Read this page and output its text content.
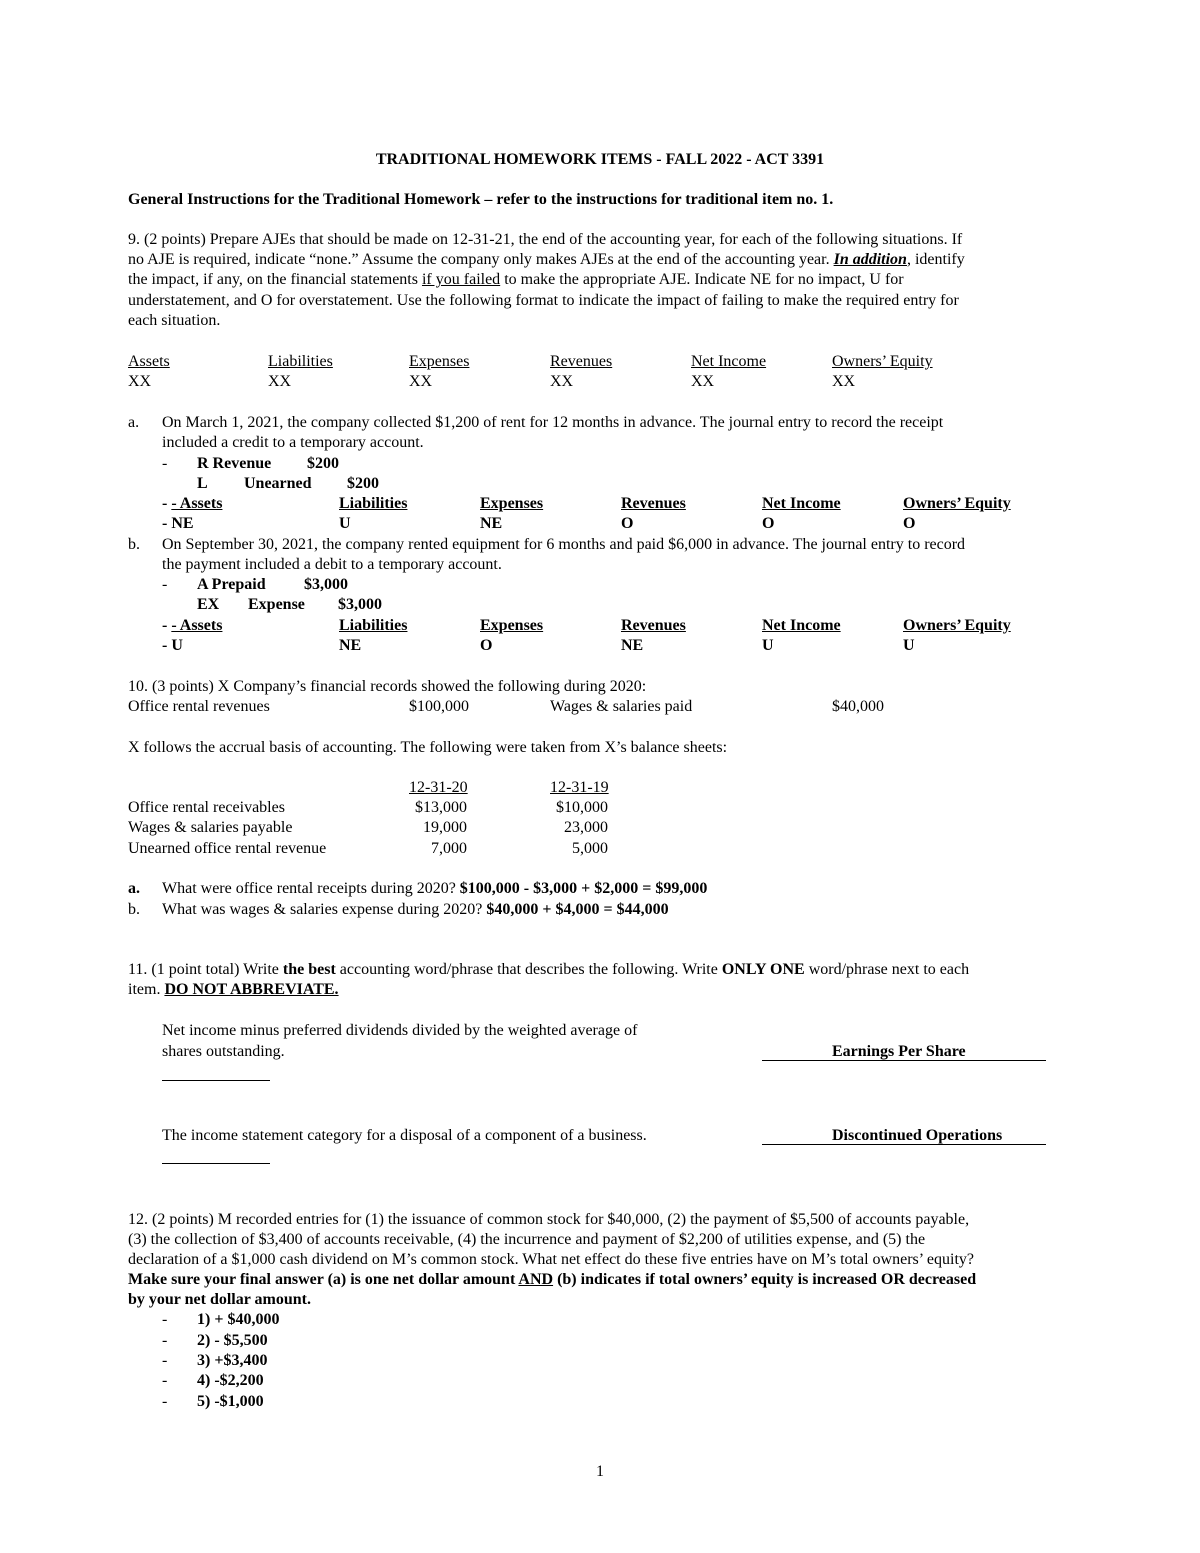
TRADITIONAL HOMEWORK ITEMS - FALL 2022 - ACT 3391
General Instructions for the Traditional Homework – refer to the instructions for traditional item no. 1.
9. (2 points) Prepare AJEs that should be made on 12-31-21, the end of the accounting year, for each of the following situations. If
no AJE is required, indicate “none.” Assume the company only makes AJEs at the end of the accounting year. In addition, identify
the impact, if any, on the financial statements if you failed to make the appropriate AJE. Indicate NE for no impact, U for
understatement, and O for overstatement. Use the following format to indicate the impact of failing to make the required entry for
each situation.
Assets	Liabilities	Expenses	Revenues	Net Income	Owners’ Equity
XX	XX	XX	XX	XX	XX
a. On March 1, 2021, the company collected $1,200 of rent for 12 months in advance. The journal entry to record the receipt
included a credit to a temporary account.
- R Revenue $200
L Unearned $200
- - Assets	Liabilities	Expenses	Revenues	Net Income	Owners’ Equity
- NE	U	NE	O	O	O
b. On September 30, 2021, the company rented equipment for 6 months and paid $6,000 in advance. The journal entry to record
the payment included a debit to a temporary account.
- A Prepaid $3,000
EX Expense $3,000
- - Assets	Liabilities	Expenses	Revenues	Net Income	Owners’ Equity
- U	NE	O	NE	U	U
10. (3 points) X Company’s financial records showed the following during 2020:
Office rental revenues	$100,000	Wages & salaries paid	$40,000
X follows the accrual basis of accounting. The following were taken from X’s balance sheets:
12-31-20	12-31-19
Office rental receivables	$13,000	$10,000
Wages & salaries payable	19,000	23,000
Unearned office rental revenue	7,000	5,000
a. What were office rental receipts during 2020? $100,000 - $3,000 + $2,000 = $99,000
b. What was wages & salaries expense during 2020? $40,000 + $4,000 = $44,000
11. (1 point total) Write the best accounting word/phrase that describes the following. Write ONLY ONE word/phrase next to each
item. DO NOT ABBREVIATE.
Net income minus preferred dividends divided by the weighted average of
shares outstanding.	Earnings Per Share
The income statement category for a disposal of a component of a business.	Discontinued Operations
12. (2 points) M recorded entries for (1) the issuance of common stock for $40,000, (2) the payment of $5,500 of accounts payable,
(3) the collection of $3,400 of accounts receivable, (4) the incurrence and payment of $2,200 of utilities expense, and (5) the
declaration of a $1,000 cash dividend on M’s common stock. What net effect do these five entries have on M’s total owners’ equity?
Make sure your final answer (a) is one net dollar amount AND (b) indicates if total owners’ equity is increased OR decreased
by your net dollar amount.
- 1) + $40,000
- 2) - $5,500
- 3) +$3,400
- 4) -$2,200
- 5) -$1,000
1
